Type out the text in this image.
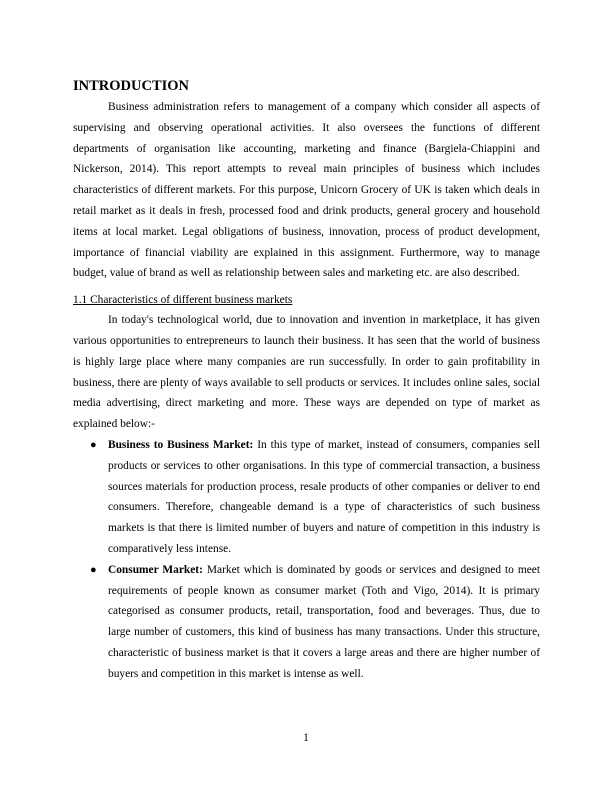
INTRODUCTION

Business administration refers to management of a company which consider all aspects of supervising and observing operational activities. It also oversees the functions of different departments of organisation like accounting, marketing and finance (Bargiela-Chiappini and Nickerson, 2014). This report attempts to reveal main principles of business which includes characteristics of different markets. For this purpose, Unicorn Grocery of UK is taken which deals in retail market as it deals in fresh, processed food and drink products, general grocery and household items at local market. Legal obligations of business, innovation, process of product development, importance of financial viability are explained in this assignment. Furthermore, way to manage budget, value of brand as well as relationship between sales and marketing etc. are also described.

1.1 Characteristics of different business markets

In today's technological world, due to innovation and invention in marketplace, it has given various opportunities to entrepreneurs to launch their business. It has seen that the world of business is highly large place where many companies are run successfully. In order to gain profitability in business, there are plenty of ways available to sell products or services. It includes online sales, social media advertising, direct marketing and more. These ways are depended on type of market as explained below:-

● Business to Business Market: In this type of market, instead of consumers, companies sell products or services to other organisations. In this type of commercial transaction, a business sources materials for production process, resale products of other companies or deliver to end consumers. Therefore, changeable demand is a type of characteristics of such business markets is that there is limited number of buyers and nature of competition in this industry is comparatively less intense.
● Consumer Market: Market which is dominated by goods or services and designed to meet requirements of people known as consumer market (Toth and Vigo, 2014). It is primary categorised as consumer products, retail, transportation, food and beverages. Thus, due to large number of customers, this kind of business has many transactions. Under this structure, characteristic of business market is that it covers a large areas and there are higher number of buyers and competition in this market is intense as well.
1
